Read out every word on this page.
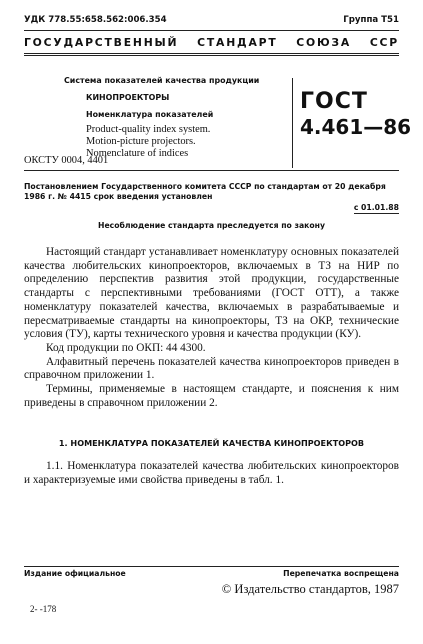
УДК 778.55:658.562:006.354	Группа Т51
ГОСУДАРСТВЕННЫЙ СТАНДАРТ СОЮЗА ССР
Система показателей качества продукции
КИНОПРОЕКТОРЫ
Номенклатура показателей
Product-quality index system.
Motion-picture projectors.
Nomenclature of indices
ОКСТУ 0004, 4401
ГОСТ
4.461—86
Постановлением Государственного комитета СССР по стандартам от 20 декабря
1986 г. № 4415 срок введения установлен
с 01.01.88
Несоблюдение стандарта преследуется по закону

Настоящий стандарт устанавливает номенклатуру основных показателей качества любительских кинопроекторов, включаемых в ТЗ на НИР по определению перспектив развития этой продукции, государственные стандарты с перспективными требованиями (ГОСТ ОТТ), а также номенклатуру показателей качества, включаемых в разрабатываемые и пересматриваемые стандарты на кинопроекторы, ТЗ на ОКР, технические условия (ТУ), карты технического уровня и качества продукции (КУ).

Код продукции по ОКП: 44 4300.

Алфавитный перечень показателей качества кинопроекторов приведен в справочном приложении 1.

Термины, применяемые в настоящем стандарте, и пояснения к ним приведены в справочном приложении 2.

1. НОМЕНКЛАТУРА ПОКАЗАТЕЛЕЙ КАЧЕСТВА КИНОПРОЕКТОРОВ

1.1. Номенклатура показателей качества любительских кинопроекторов и характеризуемые ими свойства приведены в табл. 1.

Издание официальное	Перепечатка воспрещена
© Издательство стандартов, 1987
2- -178
